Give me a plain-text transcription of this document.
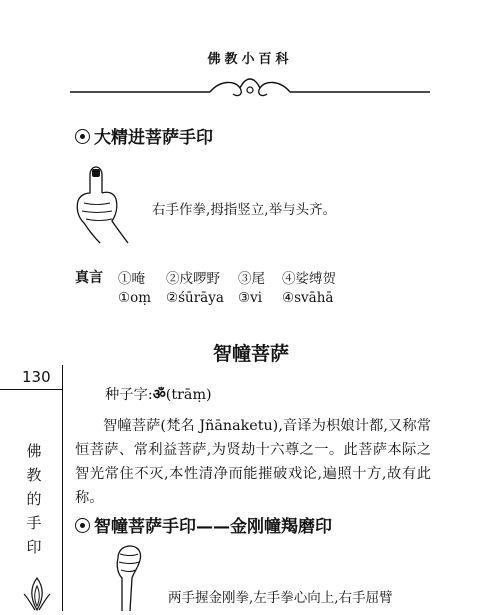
佛教小百科
大精进菩萨手印
右手作拳,拇指竖立,举与头齐。
真言 ①唵	②戍啰野	③尾	④娑缚贺
①oṃ	②śūrāya	③vi	④svāhā
智幢菩萨
130
佛
教
的
手
印
种子字:ॐ(trāṃ)
智幢菩萨(梵名 Jñānaketu),音译为枳娘计都,又称常恒菩萨、常利益菩萨,为贤劫十六尊之一。此菩萨本际之智光常住不灭,本性清净而能摧破戏论,遍照十方,故有此称。
智幢菩萨手印——金刚幢羯磨印
两手握金刚拳,左手拳心向上,右手屈臂
